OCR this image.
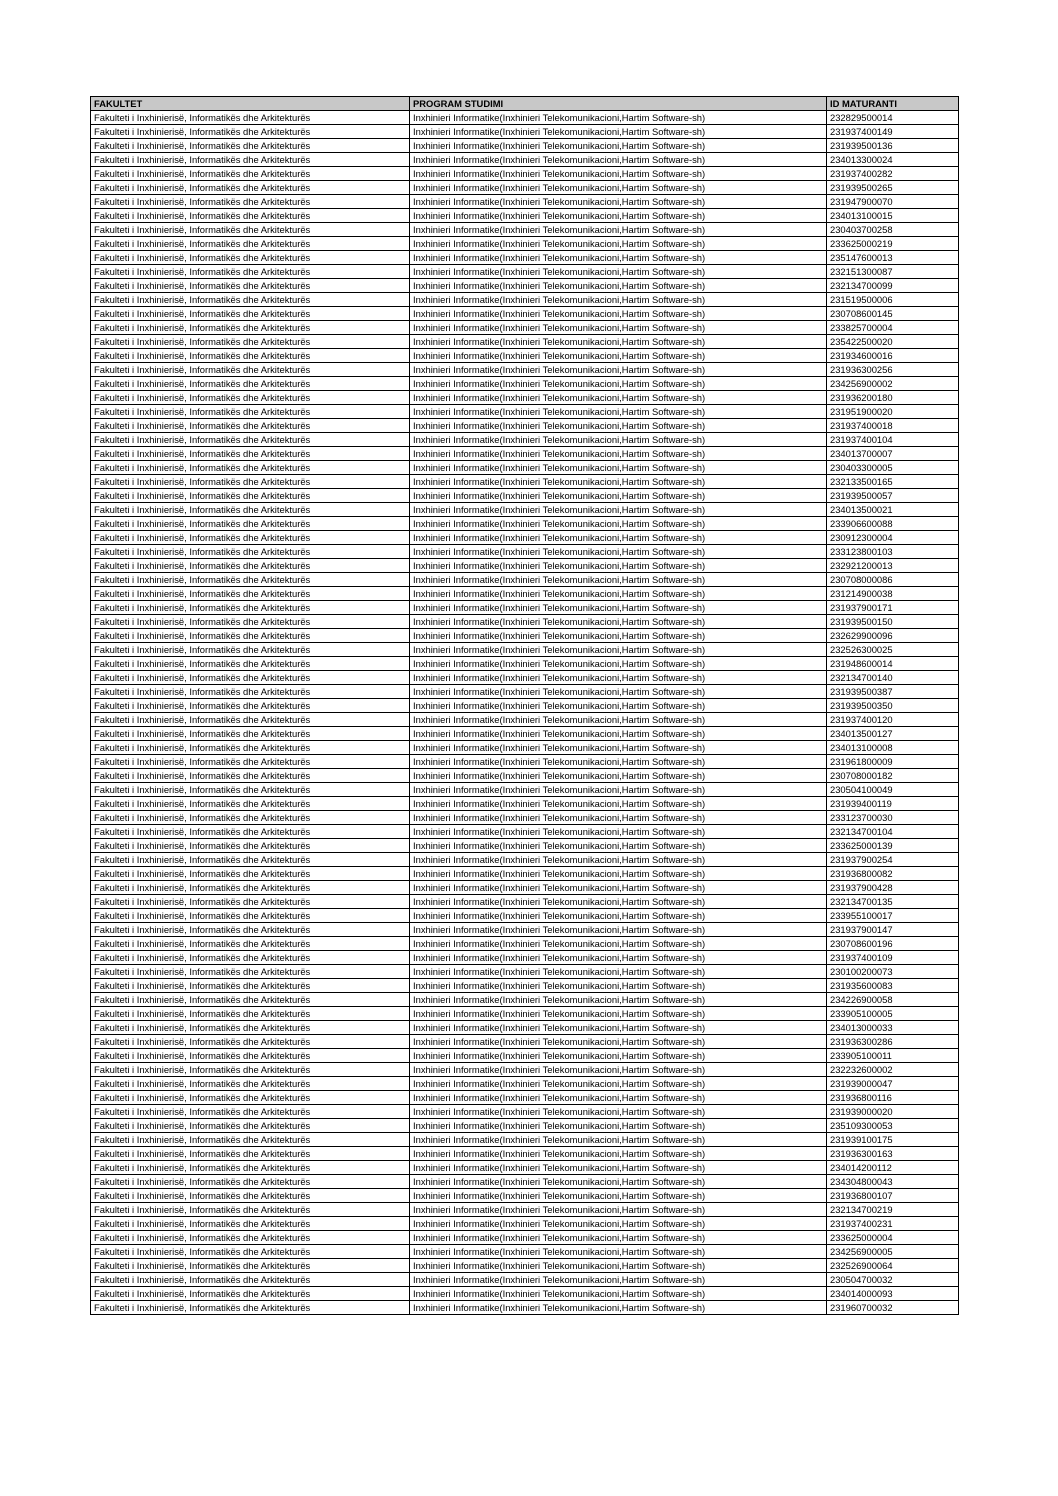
FAKULTET	PROGRAM STUDIMI	ID MATURANTI
Fakulteti i Inxhinierisë, Informatikës dhe Arkitekturës	Inxhinieri Informatike(Inxhinieri Telekomunikacioni,Hartim Software-sh)	232829500014
Fakulteti i Inxhinierisë, Informatikës dhe Arkitekturës	Inxhinieri Informatike(Inxhinieri Telekomunikacioni,Hartim Software-sh)	231937400149
Fakulteti i Inxhinierisë, Informatikës dhe Arkitekturës	Inxhinieri Informatike(Inxhinieri Telekomunikacioni,Hartim Software-sh)	231939500136
Fakulteti i Inxhinierisë, Informatikës dhe Arkitekturës	Inxhinieri Informatike(Inxhinieri Telekomunikacioni,Hartim Software-sh)	234013300024
Fakulteti i Inxhinierisë, Informatikës dhe Arkitekturës	Inxhinieri Informatike(Inxhinieri Telekomunikacioni,Hartim Software-sh)	231937400282
Fakulteti i Inxhinierisë, Informatikës dhe Arkitekturës	Inxhinieri Informatike(Inxhinieri Telekomunikacioni,Hartim Software-sh)	231939500265
Fakulteti i Inxhinierisë, Informatikës dhe Arkitekturës	Inxhinieri Informatike(Inxhinieri Telekomunikacioni,Hartim Software-sh)	231947900070
Fakulteti i Inxhinierisë, Informatikës dhe Arkitekturës	Inxhinieri Informatike(Inxhinieri Telekomunikacioni,Hartim Software-sh)	234013100015
Fakulteti i Inxhinierisë, Informatikës dhe Arkitekturës	Inxhinieri Informatike(Inxhinieri Telekomunikacioni,Hartim Software-sh)	230403700258
Fakulteti i Inxhinierisë, Informatikës dhe Arkitekturës	Inxhinieri Informatike(Inxhinieri Telekomunikacioni,Hartim Software-sh)	233625000219
Fakulteti i Inxhinierisë, Informatikës dhe Arkitekturës	Inxhinieri Informatike(Inxhinieri Telekomunikacioni,Hartim Software-sh)	235147600013
Fakulteti i Inxhinierisë, Informatikës dhe Arkitekturës	Inxhinieri Informatike(Inxhinieri Telekomunikacioni,Hartim Software-sh)	232151300087
Fakulteti i Inxhinierisë, Informatikës dhe Arkitekturës	Inxhinieri Informatike(Inxhinieri Telekomunikacioni,Hartim Software-sh)	232134700099
Fakulteti i Inxhinierisë, Informatikës dhe Arkitekturës	Inxhinieri Informatike(Inxhinieri Telekomunikacioni,Hartim Software-sh)	231519500006
Fakulteti i Inxhinierisë, Informatikës dhe Arkitekturës	Inxhinieri Informatike(Inxhinieri Telekomunikacioni,Hartim Software-sh)	230708600145
Fakulteti i Inxhinierisë, Informatikës dhe Arkitekturës	Inxhinieri Informatike(Inxhinieri Telekomunikacioni,Hartim Software-sh)	233825700004
Fakulteti i Inxhinierisë, Informatikës dhe Arkitekturës	Inxhinieri Informatike(Inxhinieri Telekomunikacioni,Hartim Software-sh)	235422500020
Fakulteti i Inxhinierisë, Informatikës dhe Arkitekturës	Inxhinieri Informatike(Inxhinieri Telekomunikacioni,Hartim Software-sh)	231934600016
Fakulteti i Inxhinierisë, Informatikës dhe Arkitekturës	Inxhinieri Informatike(Inxhinieri Telekomunikacioni,Hartim Software-sh)	231936300256
Fakulteti i Inxhinierisë, Informatikës dhe Arkitekturës	Inxhinieri Informatike(Inxhinieri Telekomunikacioni,Hartim Software-sh)	234256900002
Fakulteti i Inxhinierisë, Informatikës dhe Arkitekturës	Inxhinieri Informatike(Inxhinieri Telekomunikacioni,Hartim Software-sh)	231936200180
Fakulteti i Inxhinierisë, Informatikës dhe Arkitekturës	Inxhinieri Informatike(Inxhinieri Telekomunikacioni,Hartim Software-sh)	231951900020
Fakulteti i Inxhinierisë, Informatikës dhe Arkitekturës	Inxhinieri Informatike(Inxhinieri Telekomunikacioni,Hartim Software-sh)	231937400018
Fakulteti i Inxhinierisë, Informatikës dhe Arkitekturës	Inxhinieri Informatike(Inxhinieri Telekomunikacioni,Hartim Software-sh)	231937400104
Fakulteti i Inxhinierisë, Informatikës dhe Arkitekturës	Inxhinieri Informatike(Inxhinieri Telekomunikacioni,Hartim Software-sh)	234013700007
Fakulteti i Inxhinierisë, Informatikës dhe Arkitekturës	Inxhinieri Informatike(Inxhinieri Telekomunikacioni,Hartim Software-sh)	230403300005
Fakulteti i Inxhinierisë, Informatikës dhe Arkitekturës	Inxhinieri Informatike(Inxhinieri Telekomunikacioni,Hartim Software-sh)	232133500165
Fakulteti i Inxhinierisë, Informatikës dhe Arkitekturës	Inxhinieri Informatike(Inxhinieri Telekomunikacioni,Hartim Software-sh)	231939500057
Fakulteti i Inxhinierisë, Informatikës dhe Arkitekturës	Inxhinieri Informatike(Inxhinieri Telekomunikacioni,Hartim Software-sh)	234013500021
Fakulteti i Inxhinierisë, Informatikës dhe Arkitekturës	Inxhinieri Informatike(Inxhinieri Telekomunikacioni,Hartim Software-sh)	233906600088
Fakulteti i Inxhinierisë, Informatikës dhe Arkitekturës	Inxhinieri Informatike(Inxhinieri Telekomunikacioni,Hartim Software-sh)	230912300004
Fakulteti i Inxhinierisë, Informatikës dhe Arkitekturës	Inxhinieri Informatike(Inxhinieri Telekomunikacioni,Hartim Software-sh)	233123800103
Fakulteti i Inxhinierisë, Informatikës dhe Arkitekturës	Inxhinieri Informatike(Inxhinieri Telekomunikacioni,Hartim Software-sh)	232921200013
Fakulteti i Inxhinierisë, Informatikës dhe Arkitekturës	Inxhinieri Informatike(Inxhinieri Telekomunikacioni,Hartim Software-sh)	230708000086
Fakulteti i Inxhinierisë, Informatikës dhe Arkitekturës	Inxhinieri Informatike(Inxhinieri Telekomunikacioni,Hartim Software-sh)	231214900038
Fakulteti i Inxhinierisë, Informatikës dhe Arkitekturës	Inxhinieri Informatike(Inxhinieri Telekomunikacioni,Hartim Software-sh)	231937900171
Fakulteti i Inxhinierisë, Informatikës dhe Arkitekturës	Inxhinieri Informatike(Inxhinieri Telekomunikacioni,Hartim Software-sh)	231939500150
Fakulteti i Inxhinierisë, Informatikës dhe Arkitekturës	Inxhinieri Informatike(Inxhinieri Telekomunikacioni,Hartim Software-sh)	232629900096
Fakulteti i Inxhinierisë, Informatikës dhe Arkitekturës	Inxhinieri Informatike(Inxhinieri Telekomunikacioni,Hartim Software-sh)	232526300025
Fakulteti i Inxhinierisë, Informatikës dhe Arkitekturës	Inxhinieri Informatike(Inxhinieri Telekomunikacioni,Hartim Software-sh)	231948600014
Fakulteti i Inxhinierisë, Informatikës dhe Arkitekturës	Inxhinieri Informatike(Inxhinieri Telekomunikacioni,Hartim Software-sh)	232134700140
Fakulteti i Inxhinierisë, Informatikës dhe Arkitekturës	Inxhinieri Informatike(Inxhinieri Telekomunikacioni,Hartim Software-sh)	231939500387
Fakulteti i Inxhinierisë, Informatikës dhe Arkitekturës	Inxhinieri Informatike(Inxhinieri Telekomunikacioni,Hartim Software-sh)	231939500350
Fakulteti i Inxhinierisë, Informatikës dhe Arkitekturës	Inxhinieri Informatike(Inxhinieri Telekomunikacioni,Hartim Software-sh)	231937400120
Fakulteti i Inxhinierisë, Informatikës dhe Arkitekturës	Inxhinieri Informatike(Inxhinieri Telekomunikacioni,Hartim Software-sh)	234013500127
Fakulteti i Inxhinierisë, Informatikës dhe Arkitekturës	Inxhinieri Informatike(Inxhinieri Telekomunikacioni,Hartim Software-sh)	234013100008
Fakulteti i Inxhinierisë, Informatikës dhe Arkitekturës	Inxhinieri Informatike(Inxhinieri Telekomunikacioni,Hartim Software-sh)	231961800009
Fakulteti i Inxhinierisë, Informatikës dhe Arkitekturës	Inxhinieri Informatike(Inxhinieri Telekomunikacioni,Hartim Software-sh)	230708000182
Fakulteti i Inxhinierisë, Informatikës dhe Arkitekturës	Inxhinieri Informatike(Inxhinieri Telekomunikacioni,Hartim Software-sh)	230504100049
Fakulteti i Inxhinierisë, Informatikës dhe Arkitekturës	Inxhinieri Informatike(Inxhinieri Telekomunikacioni,Hartim Software-sh)	231939400119
Fakulteti i Inxhinierisë, Informatikës dhe Arkitekturës	Inxhinieri Informatike(Inxhinieri Telekomunikacioni,Hartim Software-sh)	233123700030
Fakulteti i Inxhinierisë, Informatikës dhe Arkitekturës	Inxhinieri Informatike(Inxhinieri Telekomunikacioni,Hartim Software-sh)	232134700104
Fakulteti i Inxhinierisë, Informatikës dhe Arkitekturës	Inxhinieri Informatike(Inxhinieri Telekomunikacioni,Hartim Software-sh)	233625000139
Fakulteti i Inxhinierisë, Informatikës dhe Arkitekturës	Inxhinieri Informatike(Inxhinieri Telekomunikacioni,Hartim Software-sh)	231937900254
Fakulteti i Inxhinierisë, Informatikës dhe Arkitekturës	Inxhinieri Informatike(Inxhinieri Telekomunikacioni,Hartim Software-sh)	231936800082
Fakulteti i Inxhinierisë, Informatikës dhe Arkitekturës	Inxhinieri Informatike(Inxhinieri Telekomunikacioni,Hartim Software-sh)	231937900428
Fakulteti i Inxhinierisë, Informatikës dhe Arkitekturës	Inxhinieri Informatike(Inxhinieri Telekomunikacioni,Hartim Software-sh)	232134700135
Fakulteti i Inxhinierisë, Informatikës dhe Arkitekturës	Inxhinieri Informatike(Inxhinieri Telekomunikacioni,Hartim Software-sh)	233955100017
Fakulteti i Inxhinierisë, Informatikës dhe Arkitekturës	Inxhinieri Informatike(Inxhinieri Telekomunikacioni,Hartim Software-sh)	231937900147
Fakulteti i Inxhinierisë, Informatikës dhe Arkitekturës	Inxhinieri Informatike(Inxhinieri Telekomunikacioni,Hartim Software-sh)	230708600196
Fakulteti i Inxhinierisë, Informatikës dhe Arkitekturës	Inxhinieri Informatike(Inxhinieri Telekomunikacioni,Hartim Software-sh)	231937400109
Fakulteti i Inxhinierisë, Informatikës dhe Arkitekturës	Inxhinieri Informatike(Inxhinieri Telekomunikacioni,Hartim Software-sh)	230100200073
Fakulteti i Inxhinierisë, Informatikës dhe Arkitekturës	Inxhinieri Informatike(Inxhinieri Telekomunikacioni,Hartim Software-sh)	231935600083
Fakulteti i Inxhinierisë, Informatikës dhe Arkitekturës	Inxhinieri Informatike(Inxhinieri Telekomunikacioni,Hartim Software-sh)	234226900058
Fakulteti i Inxhinierisë, Informatikës dhe Arkitekturës	Inxhinieri Informatike(Inxhinieri Telekomunikacioni,Hartim Software-sh)	233905100005
Fakulteti i Inxhinierisë, Informatikës dhe Arkitekturës	Inxhinieri Informatike(Inxhinieri Telekomunikacioni,Hartim Software-sh)	234013000033
Fakulteti i Inxhinierisë, Informatikës dhe Arkitekturës	Inxhinieri Informatike(Inxhinieri Telekomunikacioni,Hartim Software-sh)	231936300286
Fakulteti i Inxhinierisë, Informatikës dhe Arkitekturës	Inxhinieri Informatike(Inxhinieri Telekomunikacioni,Hartim Software-sh)	233905100011
Fakulteti i Inxhinierisë, Informatikës dhe Arkitekturës	Inxhinieri Informatike(Inxhinieri Telekomunikacioni,Hartim Software-sh)	232232600002
Fakulteti i Inxhinierisë, Informatikës dhe Arkitekturës	Inxhinieri Informatike(Inxhinieri Telekomunikacioni,Hartim Software-sh)	231939000047
Fakulteti i Inxhinierisë, Informatikës dhe Arkitekturës	Inxhinieri Informatike(Inxhinieri Telekomunikacioni,Hartim Software-sh)	231936800116
Fakulteti i Inxhinierisë, Informatikës dhe Arkitekturës	Inxhinieri Informatike(Inxhinieri Telekomunikacioni,Hartim Software-sh)	231939000020
Fakulteti i Inxhinierisë, Informatikës dhe Arkitekturës	Inxhinieri Informatike(Inxhinieri Telekomunikacioni,Hartim Software-sh)	235109300053
Fakulteti i Inxhinierisë, Informatikës dhe Arkitekturës	Inxhinieri Informatike(Inxhinieri Telekomunikacioni,Hartim Software-sh)	231939100175
Fakulteti i Inxhinierisë, Informatikës dhe Arkitekturës	Inxhinieri Informatike(Inxhinieri Telekomunikacioni,Hartim Software-sh)	231936300163
Fakulteti i Inxhinierisë, Informatikës dhe Arkitekturës	Inxhinieri Informatike(Inxhinieri Telekomunikacioni,Hartim Software-sh)	234014200112
Fakulteti i Inxhinierisë, Informatikës dhe Arkitekturës	Inxhinieri Informatike(Inxhinieri Telekomunikacioni,Hartim Software-sh)	234304800043
Fakulteti i Inxhinierisë, Informatikës dhe Arkitekturës	Inxhinieri Informatike(Inxhinieri Telekomunikacioni,Hartim Software-sh)	231936800107
Fakulteti i Inxhinierisë, Informatikës dhe Arkitekturës	Inxhinieri Informatike(Inxhinieri Telekomunikacioni,Hartim Software-sh)	232134700219
Fakulteti i Inxhinierisë, Informatikës dhe Arkitekturës	Inxhinieri Informatike(Inxhinieri Telekomunikacioni,Hartim Software-sh)	231937400231
Fakulteti i Inxhinierisë, Informatikës dhe Arkitekturës	Inxhinieri Informatike(Inxhinieri Telekomunikacioni,Hartim Software-sh)	233625000004
Fakulteti i Inxhinierisë, Informatikës dhe Arkitekturës	Inxhinieri Informatike(Inxhinieri Telekomunikacioni,Hartim Software-sh)	234256900005
Fakulteti i Inxhinierisë, Informatikës dhe Arkitekturës	Inxhinieri Informatike(Inxhinieri Telekomunikacioni,Hartim Software-sh)	232526900064
Fakulteti i Inxhinierisë, Informatikës dhe Arkitekturës	Inxhinieri Informatike(Inxhinieri Telekomunikacioni,Hartim Software-sh)	230504700032
Fakulteti i Inxhinierisë, Informatikës dhe Arkitekturës	Inxhinieri Informatike(Inxhinieri Telekomunikacioni,Hartim Software-sh)	234014000093
Fakulteti i Inxhinierisë, Informatikës dhe Arkitekturës	Inxhinieri Informatike(Inxhinieri Telekomunikacioni,Hartim Software-sh)	231960700032
